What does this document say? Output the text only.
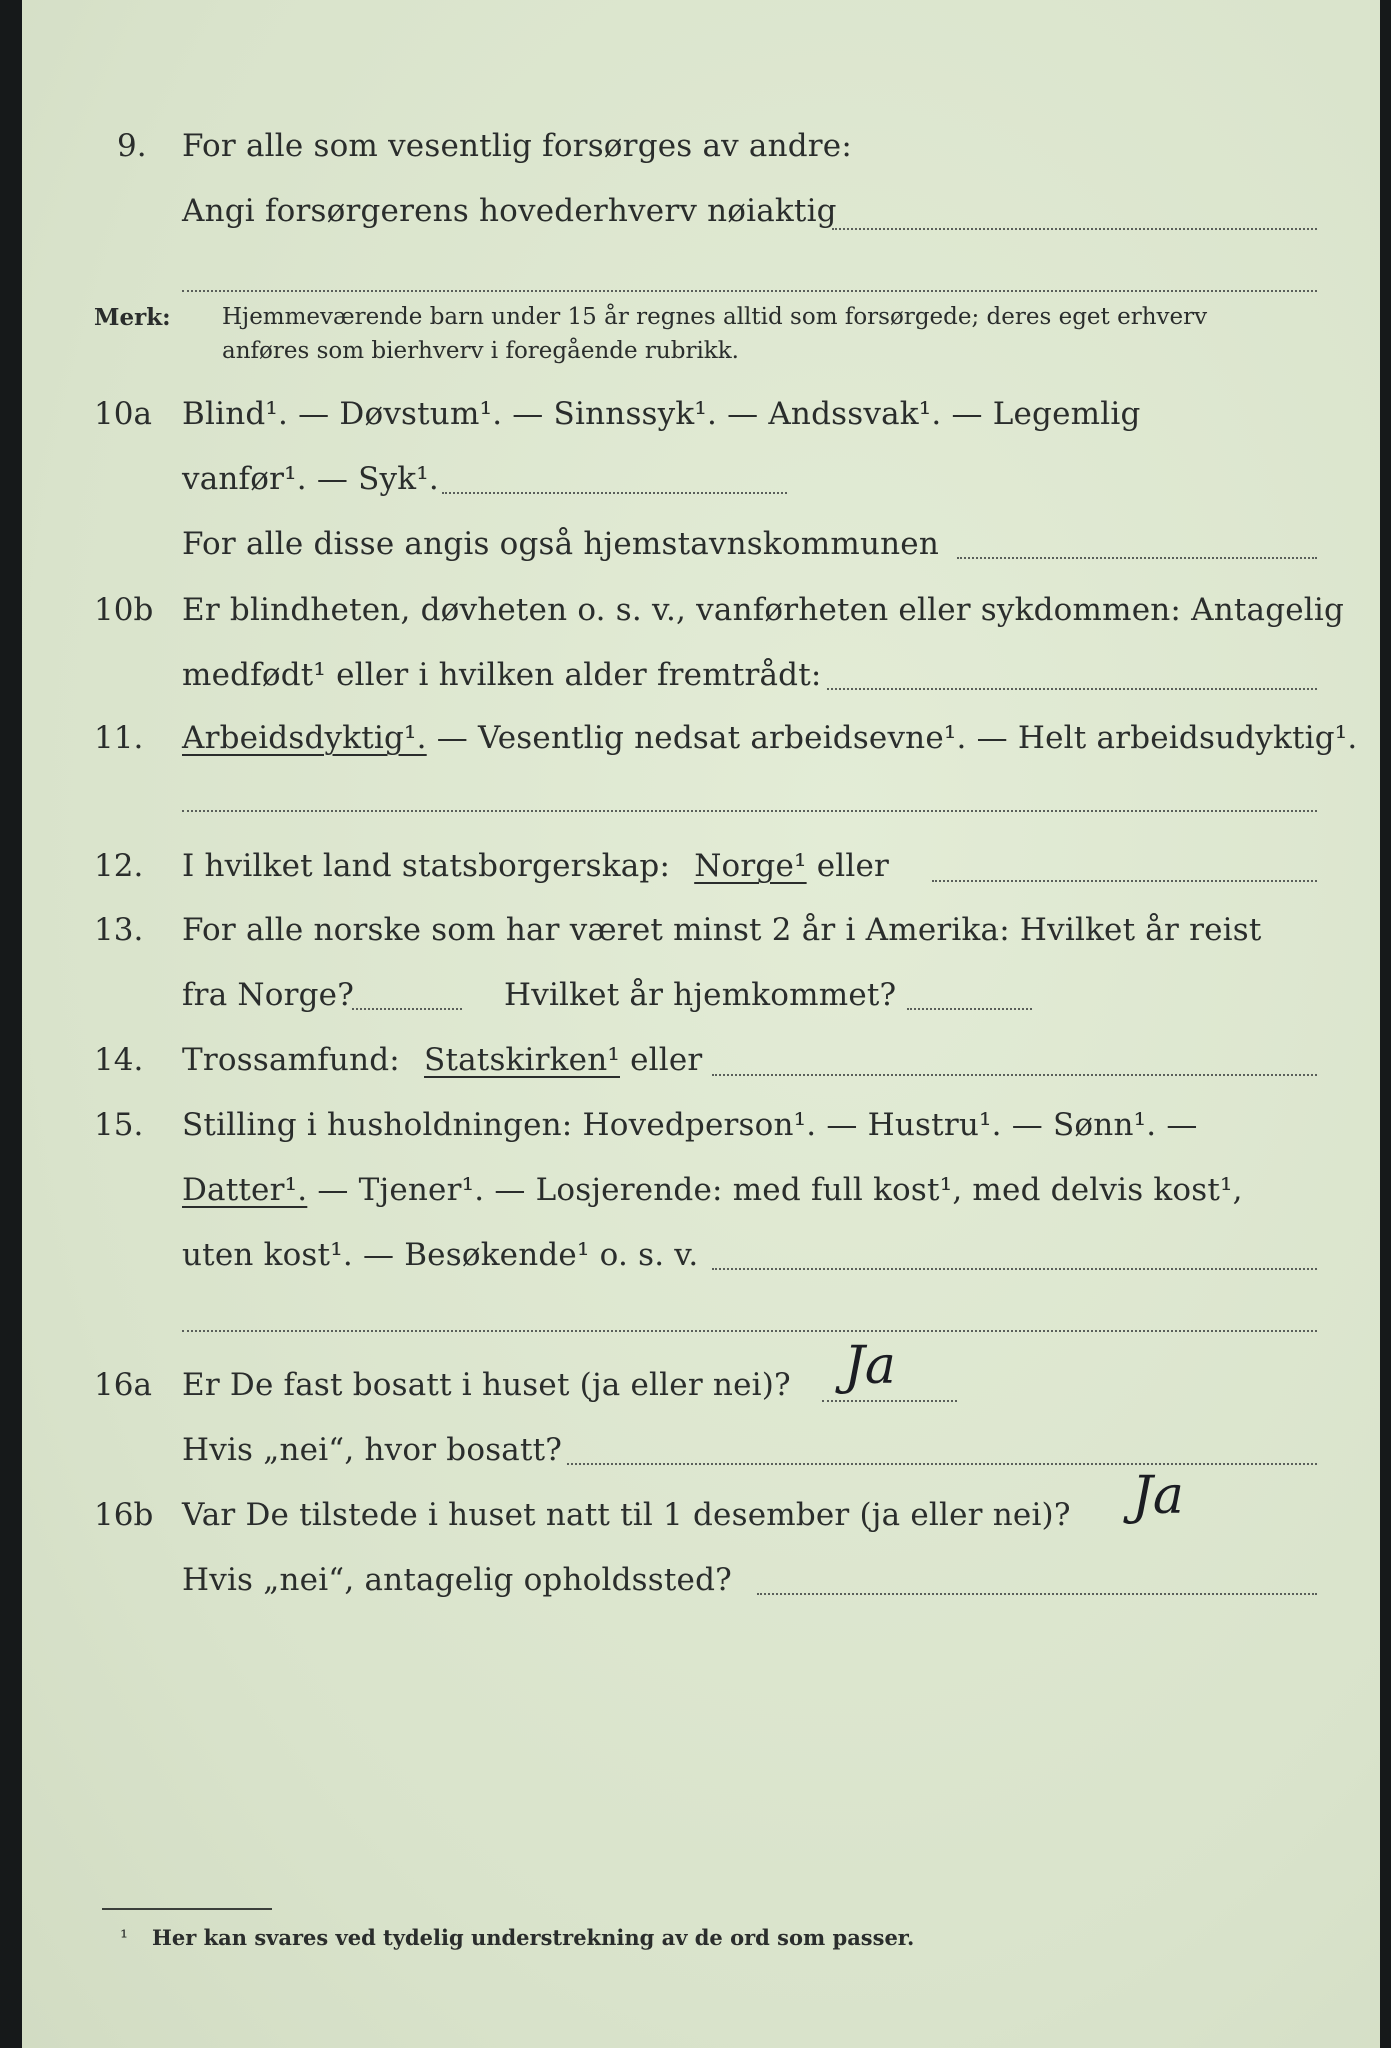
9. For alle som vesentlig forsørges av andre:
Angi forsørgerens hovederhverv nøiaktig
Merk: Hjemmeværende barn under 15 år regnes alltid som forsørgede; deres eget erhverv
anføres som bierhverv i foregående rubrikk.
10a Blind¹. — Døvstum¹. — Sinnssyk¹. — Andssvak¹. — Legemlig
vanfør¹. — Syk¹.
For alle disse angis også hjemstavnskommunen
10b Er blindheten, døvheten o. s. v., vanførheten eller sykdommen: Antagelig
medfødt¹ eller i hvilken alder fremtrådt:
11. Arbeidsdyktig¹. — Vesentlig nedsat arbeidsevne¹. — Helt arbeidsudyktig¹.
12. I hvilket land statsborgerskap: Norge¹ eller
13. For alle norske som har været minst 2 år i Amerika: Hvilket år reist
fra Norge?	Hvilket år hjemkommet?
14. Trossamfund: Statskirken¹ eller
15. Stilling i husholdningen: Hovedperson¹. — Hustru¹. — Sønn¹. —
Datter¹. — Tjener¹. — Losjerende: med full kost¹, med delvis kost¹,
uten kost¹. — Besøkende¹ o. s. v.
16a Er De fast bosatt i huset (ja eller nei)? Ja
Hvis „nei“, hvor bosatt?
16b Var De tilstede i huset natt til 1 desember (ja eller nei)? Ja
Hvis „nei“, antagelig opholdssted?
¹ Her kan svares ved tydelig understrekning av de ord som passer.
